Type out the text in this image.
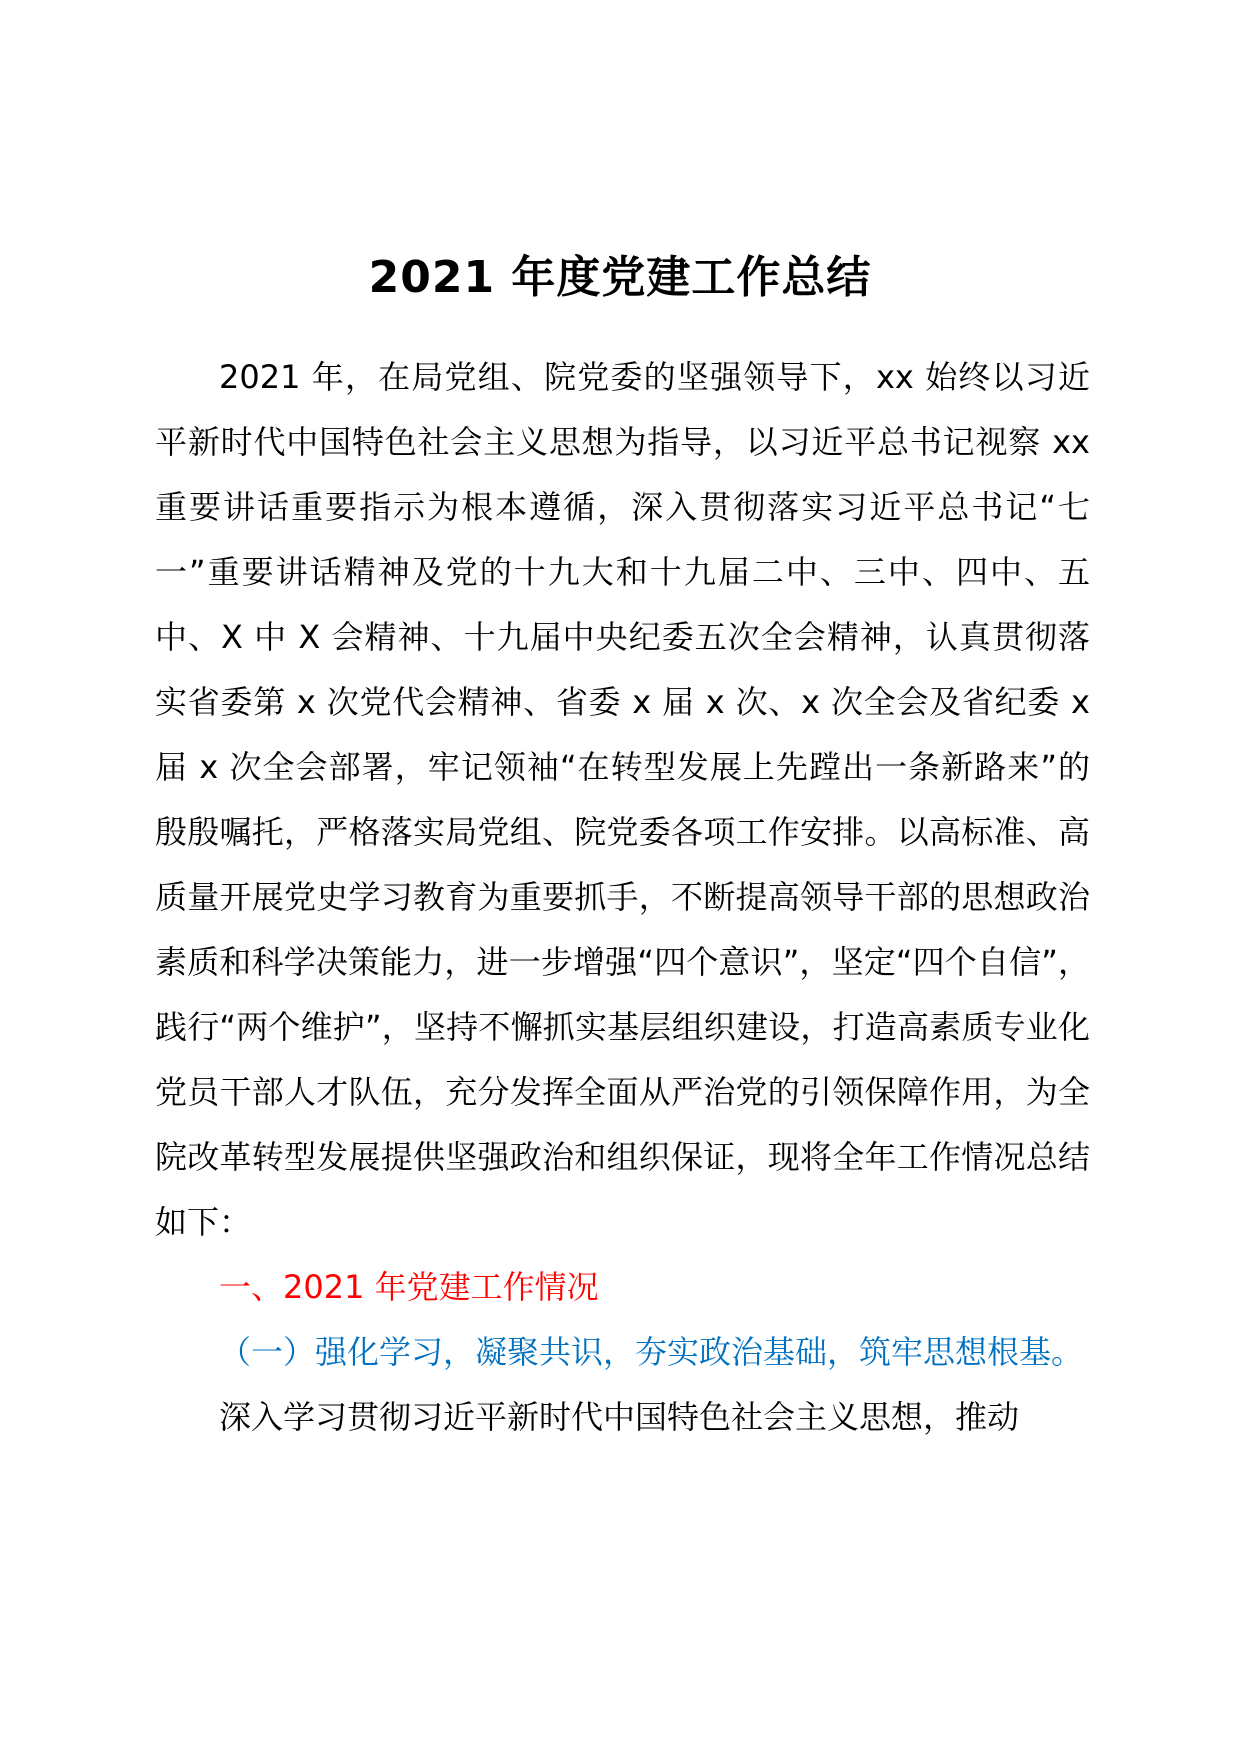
2021 年度党建工作总结

2021 年，在局党组、院党委的坚强领导下，xx 始终以习近平新时代中国特色社会主义思想为指导，以习近平总书记视察 xx 重要讲话重要指示为根本遵循，深入贯彻落实习近平总书记“七一”重要讲话精神及党的十九大和十九届二中、三中、四中、五中、X 中 X 会精神、十九届中央纪委五次全会精神，认真贯彻落实省委第 x 次党代会精神、省委 x 届 x 次、x 次全会及省纪委 x 届 x 次全会部署，牢记领袖“在转型发展上先蹚出一条新路来”的殷殷嘱托，严格落实局党组、院党委各项工作安排。以高标准、高质量开展党史学习教育为重要抓手，不断提高领导干部的思想政治素质和科学决策能力，进一步增强“四个意识”，坚定“四个自信”，践行“两个维护”，坚持不懈抓实基层组织建设，打造高素质专业化党员干部人才队伍，充分发挥全面从严治党的引领保障作用，为全院改革转型发展提供坚强政治和组织保证，现将全年工作情况总结如下：

一、2021 年党建工作情况

（一）强化学习，凝聚共识，夯实政治基础，筑牢思想根基。

深入学习贯彻习近平新时代中国特色社会主义思想，推动
